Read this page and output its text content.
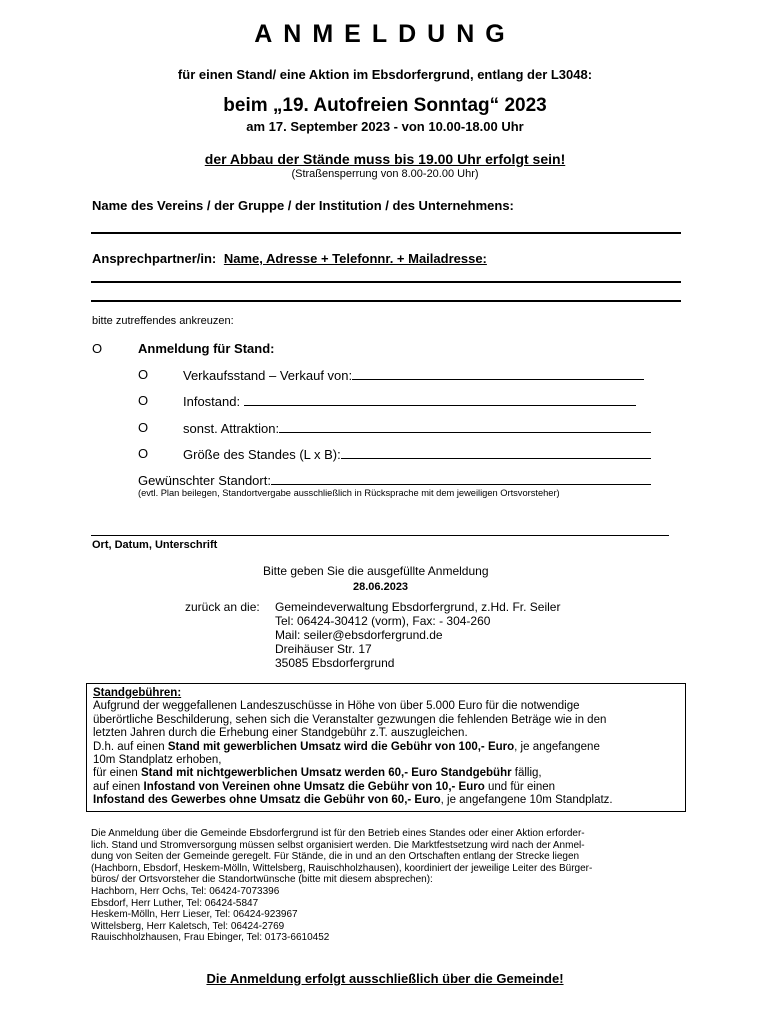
ANMELDUNG
für einen Stand/ eine Aktion im Ebsdorfergrund, entlang der L3048:
beim „19. Autofreien Sonntag“ 2023
am 17. September 2023 - von 10.00-18.00 Uhr
der Abbau der Stände muss bis 19.00 Uhr erfolgt sein!
(Straßensperrung von 8.00-20.00 Uhr)
Name des Vereins / der Gruppe / der Institution / des Unternehmens:
Ansprechpartner/in: Name, Adresse + Telefonnr. + Mailadresse:
bitte zutreffendes ankreuzen:
O	Anmeldung für Stand:
O	Verkaufsstand – Verkauf von:
O	Infostand:
O	sonst. Attraktion:
O	Größe des Standes (L x B):
Gewünschter Standort:
(evtl. Plan beilegen, Standortvergabe ausschließlich in Rücksprache mit dem jeweiligen Ortsvorsteher)
Ort, Datum, Unterschrift
Bitte geben Sie die ausgefüllte Anmeldung
28.06.2023
zurück an die: Gemeindeverwaltung Ebsdorfergrund, z.Hd. Fr. Seiler
Tel: 06424-30412 (vorm), Fax: - 304-260
Mail: seiler@ebsdorfergrund.de
Dreihäuser Str. 17
35085 Ebsdorfergrund
Standgebühren:
Aufgrund der weggefallenen Landeszuschüsse in Höhe von über 5.000 Euro für die notwendige
überörtliche Beschilderung, sehen sich die Veranstalter gezwungen die fehlenden Beträge wie in den
letzten Jahren durch die Erhebung einer Standgebühr z.T. auszugleichen.
D.h. auf einen Stand mit gewerblichen Umsatz wird die Gebühr von 100,- Euro, je angefangene
10m Standplatz erhoben,
für einen Stand mit nichtgewerblichen Umsatz werden 60,- Euro Standgebühr fällig,
auf einen Infostand von Vereinen ohne Umsatz die Gebühr von 10,- Euro und für einen
Infostand des Gewerbes ohne Umsatz die Gebühr von 60,- Euro, je angefangene 10m Standplatz.
Die Anmeldung über die Gemeinde Ebsdorfergrund ist für den Betrieb eines Standes oder einer Aktion erforder-
lich. Stand und Stromversorgung müssen selbst organisiert werden. Die Marktfestsetzung wird nach der Anmel-
dung von Seiten der Gemeinde geregelt. Für Stände, die in und an den Ortschaften entlang der Strecke liegen
(Hachborn, Ebsdorf, Heskem-Mölln, Wittelsberg, Rauischholzhausen), koordiniert der jeweilige Leiter des Bürger-
büros/ der Ortsvorsteher die Standortwünsche (bitte mit diesem absprechen):
Hachborn, Herr Ochs, Tel: 06424-7073396
Ebsdorf, Herr Luther, Tel: 06424-5847
Heskem-Mölln, Herr Lieser, Tel: 06424-923967
Wittelsberg, Herr Kaletsch, Tel: 06424-2769
Rauischholzhausen, Frau Ebinger, Tel: 0173-6610452
Die Anmeldung erfolgt ausschließlich über die Gemeinde!
